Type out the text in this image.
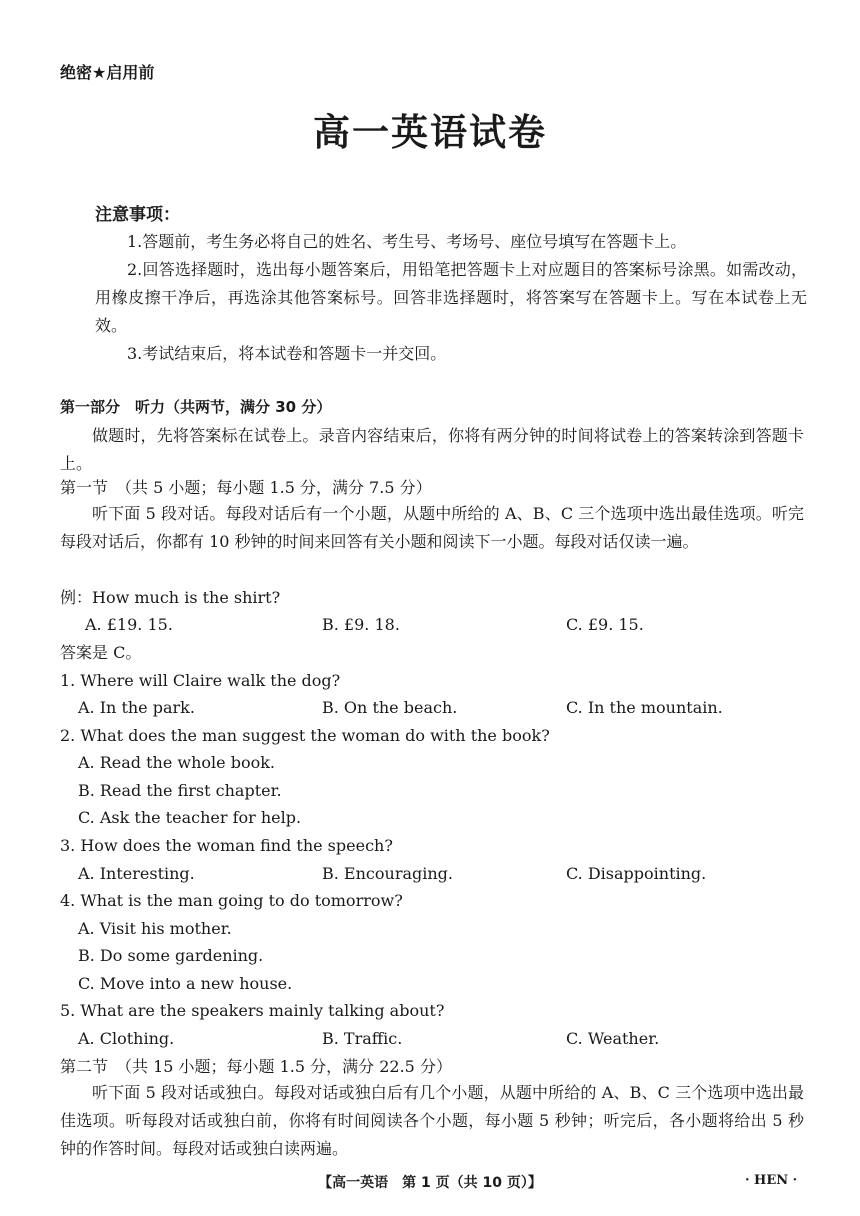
绝密★启用前
高一英语试卷
注意事项：

1.答题前，考生务必将自己的姓名、考生号、考场号、座位号填写在答题卡上。

2.回答选择题时，选出每小题答案后，用铅笔把答题卡上对应题目的答案标号涂黑。如需改动，用橡皮擦干净后，再选涂其他答案标号。回答非选择题时，将答案写在答题卡上。写在本试卷上无效。

3.考试结束后，将本试卷和答题卡一并交回。

第一部分　听力（共两节，满分 30 分）

做题时，先将答案标在试卷上。录音内容结束后，你将有两分钟的时间将试卷上的答案转涂到答题卡上。

第一节　（共 5 小题；每小题 1.5 分，满分 7.5 分）

听下面 5 段对话。每段对话后有一个小题，从题中所给的 A、B、C 三个选项中选出最佳选项。听完每段对话后，你都有 10 秒钟的时间来回答有关小题和阅读下一小题。每段对话仅读一遍。

例：How much is the shirt?
A. £19. 15.	B. £9. 18.	C. £9. 15.
答案是 C。
1. Where will Claire walk the dog?
A. In the park.	B. On the beach.	C. In the mountain.
2. What does the man suggest the woman do with the book?
A. Read the whole book.
B. Read the first chapter.
C. Ask the teacher for help.
3. How does the woman find the speech?
A. Interesting.	B. Encouraging.	C. Disappointing.
4. What is the man going to do tomorrow?
A. Visit his mother.
B. Do some gardening.
C. Move into a new house.
5. What are the speakers mainly talking about?
A. Clothing.	B. Traffic.	C. Weather.
第二节　（共 15 小题；每小题 1.5 分，满分 22.5 分）

听下面 5 段对话或独白。每段对话或独白后有几个小题，从题中所给的 A、B、C 三个选项中选出最佳选项。听每段对话或独白前，你将有时间阅读各个小题，每小题 5 秒钟；听完后，各小题将给出 5 秒钟的作答时间。每段对话或独白读两遍。

【高一英语　第 1 页（共 10 页）】	· HEN ·
